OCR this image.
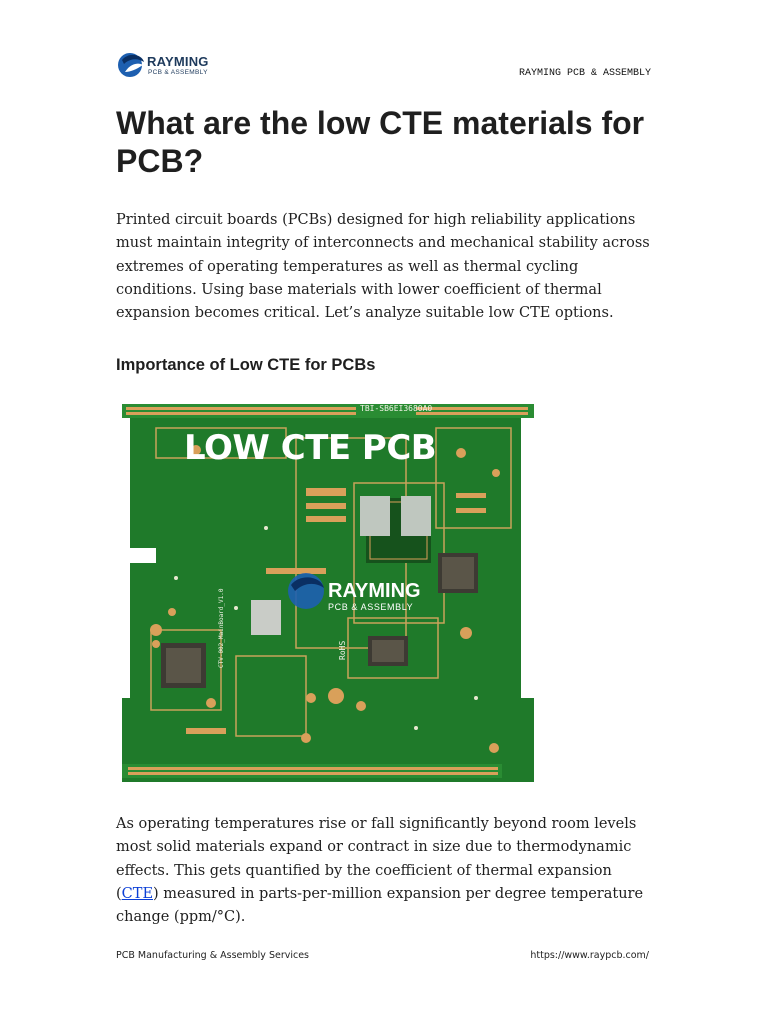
RAYMING
PCB & ASSEMBLY	RAYMING PCB & ASSEMBLY
What are the low CTE materials for PCB?

Printed circuit boards (PCBs) designed for high reliability applications must maintain integrity of interconnects and mechanical stability across extremes of operating temperatures as well as thermal cycling conditions. Using base materials with lower coefficient of thermal expansion becomes critical. Let’s analyze suitable low CTE options.

Importance of Low CTE for PCBs
LOW CTE PCB
RAYMING
PCB & ASSEMBLY
TBI-SB6EI3680A0
CTV-002_MainBoard_V1.0	RoHS

As operating temperatures rise or fall significantly beyond room levels most solid materials expand or contract in size due to thermodynamic effects. This gets quantified by the coefficient of thermal expansion (CTE) measured in parts-per-million expansion per degree temperature change (ppm/°C).

PCB Manufacturing & Assembly Services	https://www.raypcb.com/
